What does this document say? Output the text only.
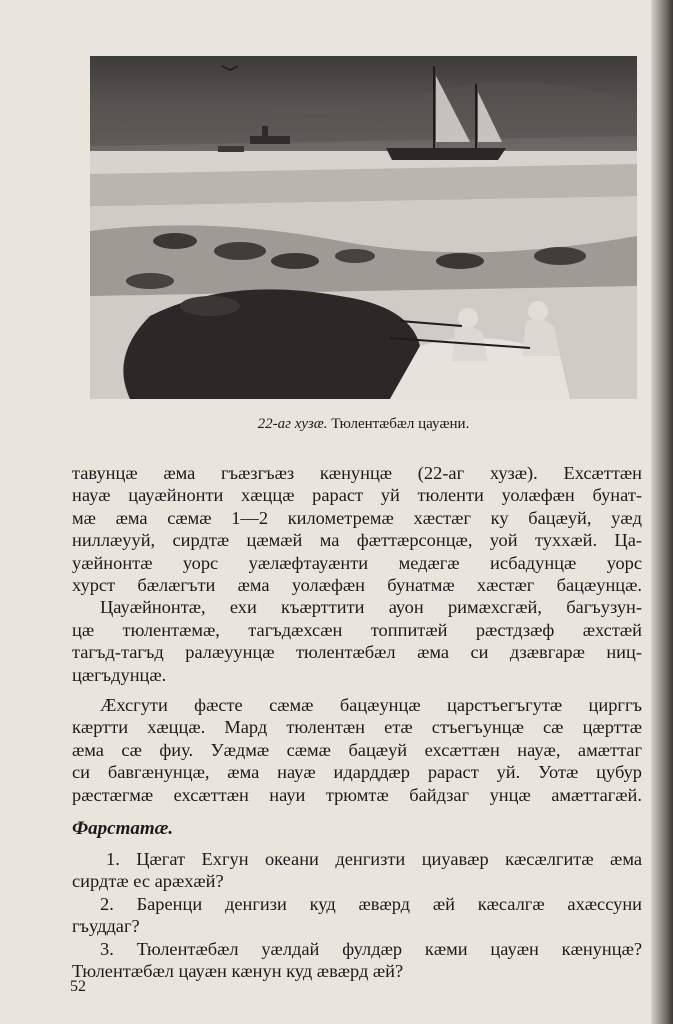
22-аг хузæ. Тюлентæбæл цауæни.
тавунцæ æма гъæзгъæз кæнунцæ (22-аг хузæ). Ехсæттæн
науæ цауæйнонти хæццæ рараст уй тюленти уолæфæн бунат-
мæ æма сæмæ 1—2 километремæ хæстæг ку бацæуй, уæд
ниллæууй, сирдтæ цæмæй ма фæттæрсонцæ, уой туххæй. Ца-
уæйнонтæ уорс уæлæфтауæнти медæгæ исбадунцæ уорс
хурст бæлæгъти æма уолæфæн бунатмæ хæстæг бацæунцæ.
Цауæйнонтæ, ехи къæрттити ауон римæхсгæй, багъузун-
цæ тюлентæмæ, тагъдæхсæн топпитæй рæстдзæф æхстæй
тагъд-тагъд ралæуунцæ тюлентæбæл æма си дзæвгарæ ниц-
цæгъдунцæ.
Æхсгути фæсте сæмæ бацæунцæ царстъегъгутæ цирггъ
кæртти хæццæ. Мард тюлентæн етæ стъегъунцæ сæ цæрттæ
æма сæ фиу. Уæдмæ сæмæ бацæуй ехсæттæн науæ, амæттаг
си бавгæнунцæ, æма науæ идарддæр рараст уй. Уотæ цубур
рæстæгмæ ехсæттæн науи трюмтæ байдзаг унцæ амæттагæй.
Фарстатæ.
1. Цæгат Ехгун океани денгизти циуавæр кæсæлгитæ æма
сирдтæ ес арæхæй?
2. Баренци денгизи куд æвæрд æй кæсалгæ ахæссуни
гъуддаг?
3. Тюлентæбæл уæлдай фулдæр кæми цауæн кæнунцæ?
Тюлентæбæл цауæн кæнун куд æвæрд æй?
52
